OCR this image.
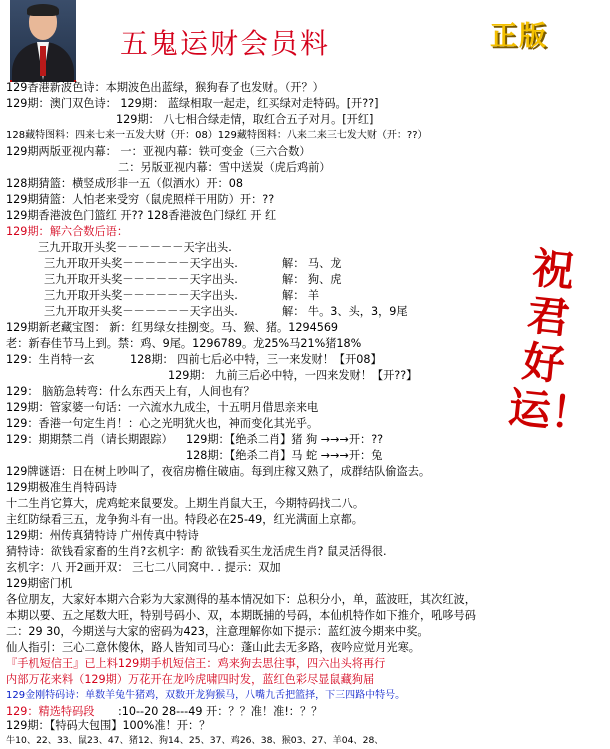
五鬼运财会员料	正版
祝君好运！
129香港新波色诗：本期波色出蓝绿，猴狗春了也发财。（开？）
129期：澳门双色诗： 129期： 蓝绿相取一起走，红买绿对走特码。[开??]
129期： 八七相合绿走情，取红合五子对月。[开红]
128藏特图料：四来七来一五发大财（开：08）129藏特图料：八来二来三七发大财（开：??）
129期两版亚视内幕： 一：亚视内幕：铁可变金（三六合数）
二：另版亚视内幕：雪中送炭（虎后鸡前）
128期猜篮：横竖成形非一五（似酒水）开：08
129期猜篮：人怕老来受穷（鼠虎照样干用防）开：??
129期香港波色门篮红 开?? 128香港波色门绿红 开 红
129期：解六合数后语：
三九开取开头奖－－－－－－天字出头.
三九开取开头奖－－－－－－天字出头.	解： 马、龙
三九开取开头奖－－－－－－天字出头.	解： 狗、虎
三九开取开头奖－－－－－－天字出头.	解： 羊
三九开取开头奖－－－－－－天字出头.	解： 牛。3、头，3，9尾
129期新老藏宝图： 新：红男绿女挂捌变。马、猴、猪。1294569
老：新春佳节马上到。禁：鸡、9尾。1296789。龙25%马21%猪18%
129：生肖特一玄	128期： 四前七后必中特，三一来发财！【开08】
129期： 九前三后必中特，一四来发财！【开??】
129： 脑筋急转弯：什么东西天上有，人间也有？
129期：管家婆一句话：一六流水九成尘，十五明月借思亲来电
129：香港一句定生肖！：心之光明犹火也，神而变化其光乎。
129：期期禁二肖（请长期跟踪） 129期：【绝杀二肖】猪 狗 →→→开：??
128期：【绝杀二肖】马 蛇 →→→开：兔
129牌谜语：日在树上吵叫了，夜宿房檐住破庙。每到庄稼又熟了，成群结队偷盗去。
129期极准生肖特码诗
十二生肖它算大，虎鸡蛇来鼠要发。上期生肖鼠大王，今期特码找二八。
主红防绿看三五，龙争狗斗有一出。特段必在25-49，红光满面上京都。
129期：州传真猜特诗 广州传真中特诗
猜特诗：欲钱看家畜的生肖?玄机字：酌 欲钱看买生龙活虎生肖? 鼠灵活得很.
玄机字：八 开2画开双： 三七二八同窝中. . 提示：双加
129期密门机
各位朋友，大家好本期六合彩为大家测得的基本情况如下：总积分小，单，蓝波旺，其次红波，
本期以要、五之尾数大旺，特别号码小、双，本期既捕的号码，本仙机特作如下推介，吼哆号码
二：29 30，今期送与大家的密码为423，注意理解你如下提示：蓝红波今期来中奖。
仙人指引：三心二意休傻休，路人皆知司马心：蓬山此去无多路，夜吟应觉月光寒。
『手机短信王』已上料129期手机短信王：鸡来狗去思往事，四六出头将再行
内部万花来料（129期）万花开在龙吟虎啸四时发，蓝红色彩尽显鼠藏狗届
129金刚特码诗：单数羊兔牛猪鸡，双数开龙狗猴马，八嘴九舌把篮择，下三四路中特号。
129：精选特码段 :10--20 28---49 开：？？准！准!：？？
129期：【特码大包围】100%准！开：？
牛10、22、33、鼠23、47、猪12、狗14、25、37、鸡26、38、猴03、27、羊04、28、
